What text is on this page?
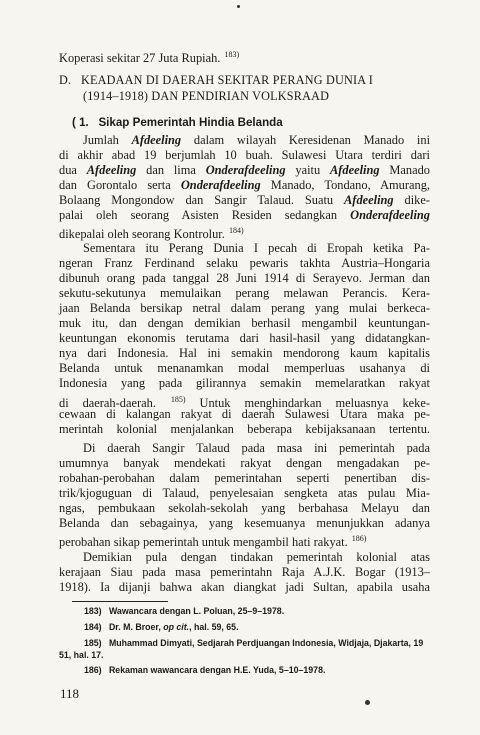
Koperasi sekitar 27 Juta Rupiah. $^{183)}$
D. KEADAAN DI DAERAH SEKITAR PERANG DUNIA I
(1914–1918) DAN PENDIRIAN VOLKSRAAD
( 1. Sikap Pemerintah Hindia Belanda
Jumlah Afdeeling dalam wilayah Keresidenan Manado ini
di akhir abad 19 berjumlah 10 buah. Sulawesi Utara terdiri dari
dua Afdeeling dan lima Onderafdeeling yaitu Afdeeling Manado
dan Gorontalo serta Onderafdeeling Manado, Tondano, Amurang,
Bolaang Mongondow dan Sangir Talaud. Suatu Afdeeling dike-
palai oleh seorang Asisten Residen sedangkan Onderafdeeling
dikepalai oleh seorang Kontrolur. $^{184)}$
Sementara itu Perang Dunia I pecah di Eropah ketika Pa-
ngeran Franz Ferdinand selaku pewaris takhta Austria–Hongaria
dibunuh orang pada tanggal 28 Juni 1914 di Serayevo. Jerman dan
sekutu-sekutunya memulaikan perang melawan Perancis. Kera-
jaan Belanda bersikap netral dalam perang yang mulai berkeca-
muk itu, dan dengan demikian berhasil mengambil keuntungan-
keuntungan ekonomis terutama dari hasil-hasil yang didatangkan-
nya dari Indonesia. Hal ini semakin mendorong kaum kapitalis
Belanda untuk menanamkan modal memperluas usahanya di
Indonesia yang pada gilirannya semakin memelaratkan rakyat
di daerah-daerah. $^{185)}$ Untuk menghindarkan meluasnya keke-
cewaan di kalangan rakyat di daerah Sulawesi Utara maka pe-
merintah kolonial menjalankan beberapa kebijaksanaan tertentu.
Di daerah Sangir Talaud pada masa ini pemerintah pada
umumnya banyak mendekati rakyat dengan mengadakan pe-
robahan-perobahan dalam pemerintahan seperti penertiban dis-
trik/kjoguguan di Talaud, penyelesaian sengketa atas pulau Mia-
ngas, pembukaan sekolah-sekolah yang berbahasa Melayu dan
Belanda dan sebagainya, yang kesemuanya menunjukkan adanya
perobahan sikap pemerintah untuk mengambil hati rakyat. $^{186)}$
Demikian pula dengan tindakan pemerintah kolonial atas
kerajaan Siau pada masa pemerintahn Raja A.J.K. Bogar (1913–
1918). Ia dijanji bahwa akan diangkat jadi Sultan, apabila usaha
183) Wawancara dengan L. Poluan, 25–9–1978.
184) Dr. M. Broer, op cit., hal. 59, 65.
185) Muhammad Dimyati, Sedjarah Perdjuangan Indonesia, Widjaja, Djakarta, 19
51, hal. 17.
186) Rekaman wawancara dengan H.E. Yuda, 5–10–1978.
118
